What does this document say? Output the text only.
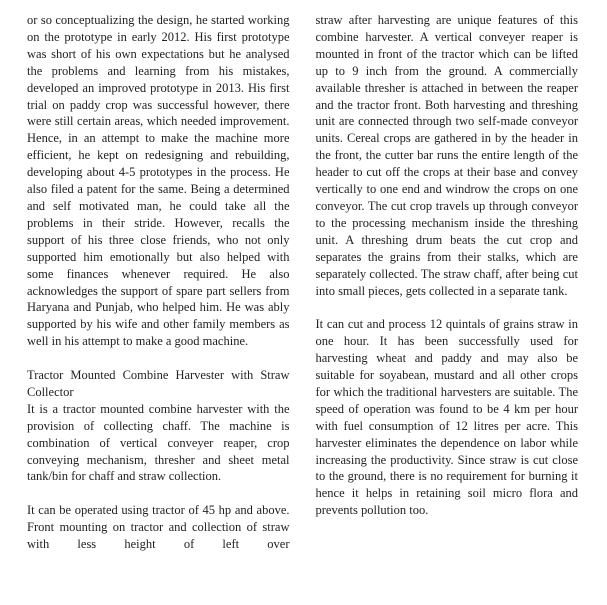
or so conceptualizing the design, he started working on the prototype in early 2012. His first prototype was short of his own expectations but he analysed the problems and learning from his mistakes, developed an improved prototype in 2013. His first trial on paddy crop was successful however, there were still certain areas, which needed improvement. Hence, in an attempt to make the machine more efficient, he kept on redesigning and rebuilding, developing about 4-5 prototypes in the process. He also filed a patent for the same. Being a determined and self motivated man, he could take all the problems in their stride. However, recalls the support of his three close friends, who not only supported him emotionally but also helped with some finances whenever required. He also acknowledges the support of spare part sellers from Haryana and Punjab, who helped him. He was ably supported by his wife and other family members as well in his attempt to make a good machine.

Tractor Mounted Combine Harvester with Straw Collector

It is a tractor mounted combine harvester with the provision of collecting chaff. The machine is combination of vertical conveyer reaper, crop conveying mechanism, thresher and sheet metal tank/bin for chaff and straw collection.

It can be operated using tractor of 45 hp and above. Front mounting on tractor and collection of straw with less height of left over

straw after harvesting are unique features of this combine harvester. A vertical conveyer reaper is mounted in front of the tractor which can be lifted up to 9 inch from the ground. A commercially available thresher is attached in between the reaper and the tractor front. Both harvesting and threshing unit are connected through two self-made conveyor units. Cereal crops are gathered in by the header in the front, the cutter bar runs the entire length of the header to cut off the crops at their base and convey vertically to one end and windrow the crops on one conveyor. The cut crop travels up through conveyor to the processing mechanism inside the threshing unit. A threshing drum beats the cut crop and separates the grains from their stalks, which are separately collected. The straw chaff, after being cut into small pieces, gets collected in a separate tank.

It can cut and process 12 quintals of grains straw in one hour. It has been successfully used for harvesting wheat and paddy and may also be suitable for soyabean, mustard and all other crops for which the traditional harvesters are suitable. The speed of operation was found to be 4 km per hour with fuel consumption of 12 litres per acre. This harvester eliminates the dependence on labor while increasing the productivity. Since straw is cut close to the ground, there is no requirement for burning it hence it helps in retaining soil micro flora and prevents pollution too.
